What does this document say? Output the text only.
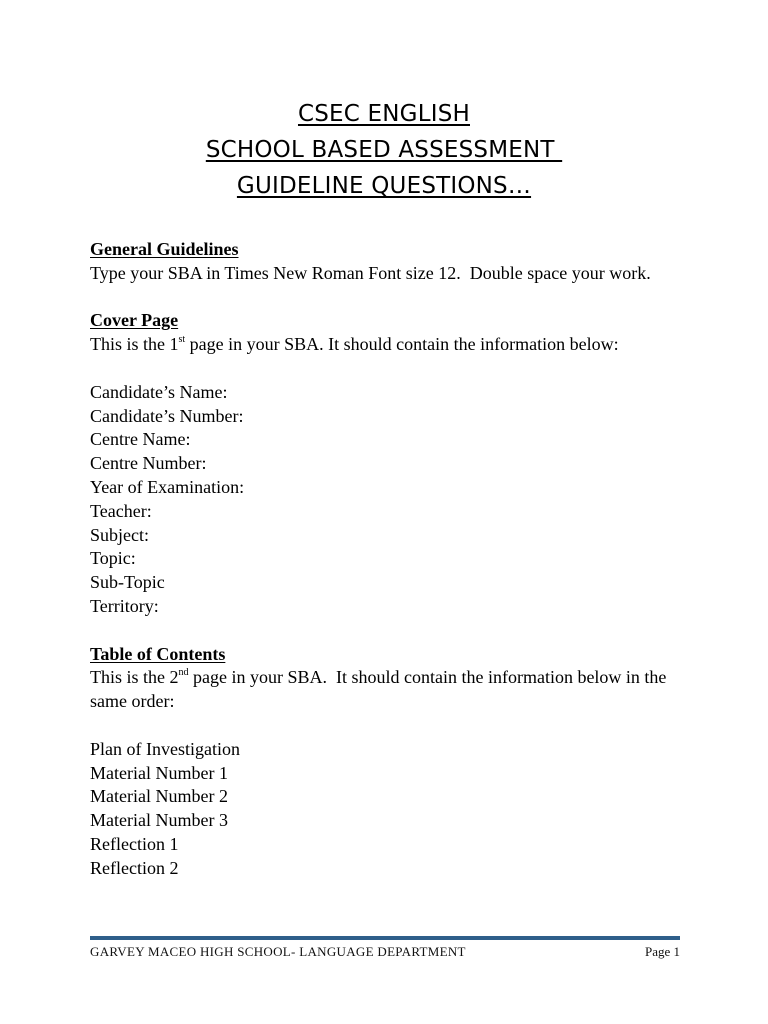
CSEC ENGLISH
SCHOOL BASED ASSESSMENT
GUIDELINE QUESTIONS…
General Guidelines

Type your SBA in Times New Roman Font size 12.  Double space your work.

Cover Page

This is the 1st page in your SBA. It should contain the information below:

Candidate’s Name:
Candidate’s Number:
Centre Name:
Centre Number:
Year of Examination:
Teacher:
Subject:
Topic:
Sub-Topic
Territory:
Table of Contents

This is the 2nd page in your SBA.  It should contain the information below in the same order:

Plan of Investigation
Material Number 1
Material Number 2
Material Number 3
Reflection 1
Reflection 2
GARVEY MACEO HIGH SCHOOL- LANGUAGE DEPARTMENT	Page 1
